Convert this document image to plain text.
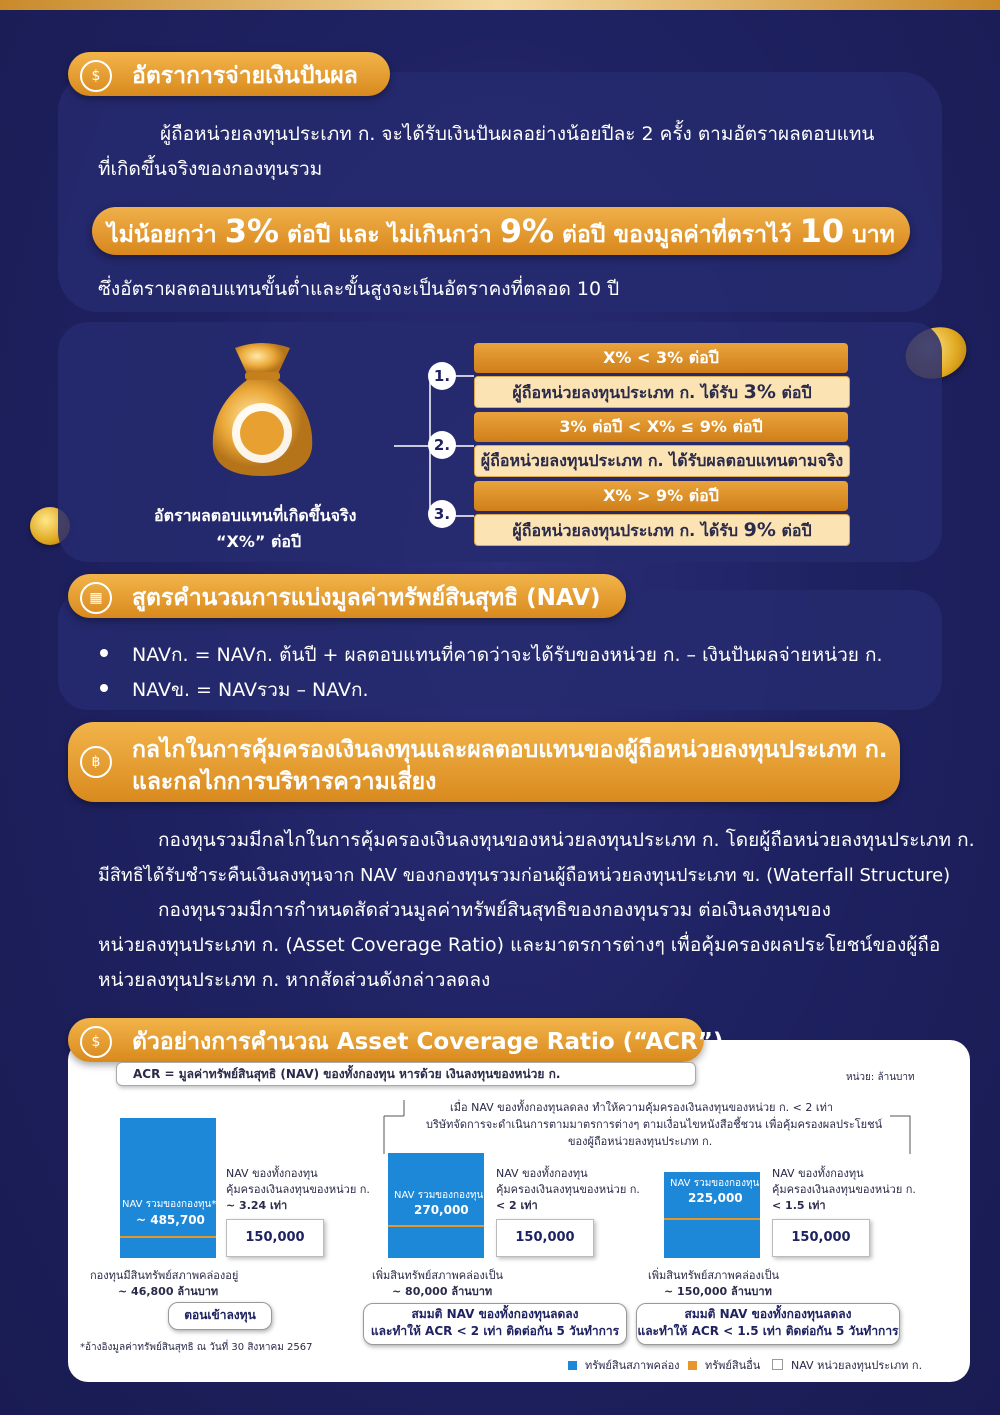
$	อัตราการจ่ายเงินปันผล
ผู้ถือหน่วยลงทุนประเภท ก. จะได้รับเงินปันผลอย่างน้อยปีละ 2 ครั้ง ตามอัตราผลตอบแทน
ที่เกิดขึ้นจริงของกองทุนรวม
ไม่น้อยกว่า 3% ต่อปี และ ไม่เกินกว่า 9% ต่อปี ของมูลค่าที่ตราไว้ 10 บาท
ซึ่งอัตราผลตอบแทนขั้นต่ำและขั้นสูงจะเป็นอัตราคงที่ตลอด 10 ปี
อัตราผลตอบแทนที่เกิดขึ้นจริง
“X%” ต่อปี
1.
2.
3.
X% < 3% ต่อปี
ผู้ถือหน่วยลงทุนประเภท ก. ได้รับ 3% ต่อปี
3% ต่อปี < X% ≤ 9% ต่อปี
ผู้ถือหน่วยลงทุนประเภท ก. ได้รับผลตอบแทนตามจริง
X% > 9% ต่อปี
ผู้ถือหน่วยลงทุนประเภท ก. ได้รับ 9% ต่อปี
▦	สูตรคำนวณการแบ่งมูลค่าทรัพย์สินสุทธิ (NAV)
NAVก. = NAVก. ต้นปี + ผลตอบแทนที่คาดว่าจะได้รับของหน่วย ก. – เงินปันผลจ่ายหน่วย ก.
NAVข. = NAVรวม – NAVก.
฿	กลไกในการคุ้มครองเงินลงทุนและผลตอบแทนของผู้ถือหน่วยลงทุนประเภท ก.
และกลไกการบริหารความเสี่ยง
กองทุนรวมมีกลไกในการคุ้มครองเงินลงทุนของหน่วยลงทุนประเภท ก. โดยผู้ถือหน่วยลงทุนประเภท ก.
มีสิทธิได้รับชำระคืนเงินลงทุนจาก NAV ของกองทุนรวมก่อนผู้ถือหน่วยลงทุนประเภท ข. (Waterfall Structure)
กองทุนรวมมีการกำหนดสัดส่วนมูลค่าทรัพย์สินสุทธิของกองทุนรวม ต่อเงินลงทุนของ
หน่วยลงทุนประเภท ก. (Asset Coverage Ratio) และมาตรการต่างๆ เพื่อคุ้มครองผลประโยชน์ของผู้ถือ
หน่วยลงทุนประเภท ก. หากสัดส่วนดังกล่าวลดลง
$	ตัวอย่างการคำนวณ Asset Coverage Ratio (“ACR”)
ACR = มูลค่าทรัพย์สินสุทธิ (NAV) ของทั้งกองทุน หารด้วย เงินลงทุนของหน่วย ก.	หน่วย: ล้านบาท
เมื่อ NAV ของทั้งกองทุนลดลง ทำให้ความคุ้มครองเงินลงทุนของหน่วย ก. < 2 เท่า
บริษัทจัดการจะดำเนินการตามมาตรการต่างๆ ตามเงื่อนไขหนังสือชี้ชวน เพื่อคุ้มครองผลประโยชน์
ของผู้ถือหน่วยลงทุนประเภท ก.
NAV รวมของกองทุน*
~ 485,700
NAV ของทั้งกองทุน
คุ้มครองเงินลงทุนของหน่วย ก.
~ 3.24 เท่า
150,000
กองทุนมีสินทรัพย์สภาพคล่องอยู่
~ 46,800 ล้านบาท
ตอนเข้าลงทุน
NAV รวมของกองทุน
270,000
NAV ของทั้งกองทุน
คุ้มครองเงินลงทุนของหน่วย ก.
< 2 เท่า
150,000
เพิ่มสินทรัพย์สภาพคล่องเป็น
~ 80,000 ล้านบาท
สมมติ NAV ของทั้งกองทุนลดลง
และทำให้ ACR < 2 เท่า ติดต่อกัน 5 วันทำการ
NAV รวมของกองทุน
225,000
NAV ของทั้งกองทุน
คุ้มครองเงินลงทุนของหน่วย ก.
< 1.5 เท่า
150,000
เพิ่มสินทรัพย์สภาพคล่องเป็น
~ 150,000 ล้านบาท
สมมติ NAV ของทั้งกองทุนลดลง
และทำให้ ACR < 1.5 เท่า ติดต่อกัน 5 วันทำการ
*อ้างอิงมูลค่าทรัพย์สินสุทธิ ณ วันที่ 30 สิงหาคม 2567
ทรัพย์สินสภาพคล่อง	ทรัพย์สินอื่น	NAV หน่วยลงทุนประเภท ก.
